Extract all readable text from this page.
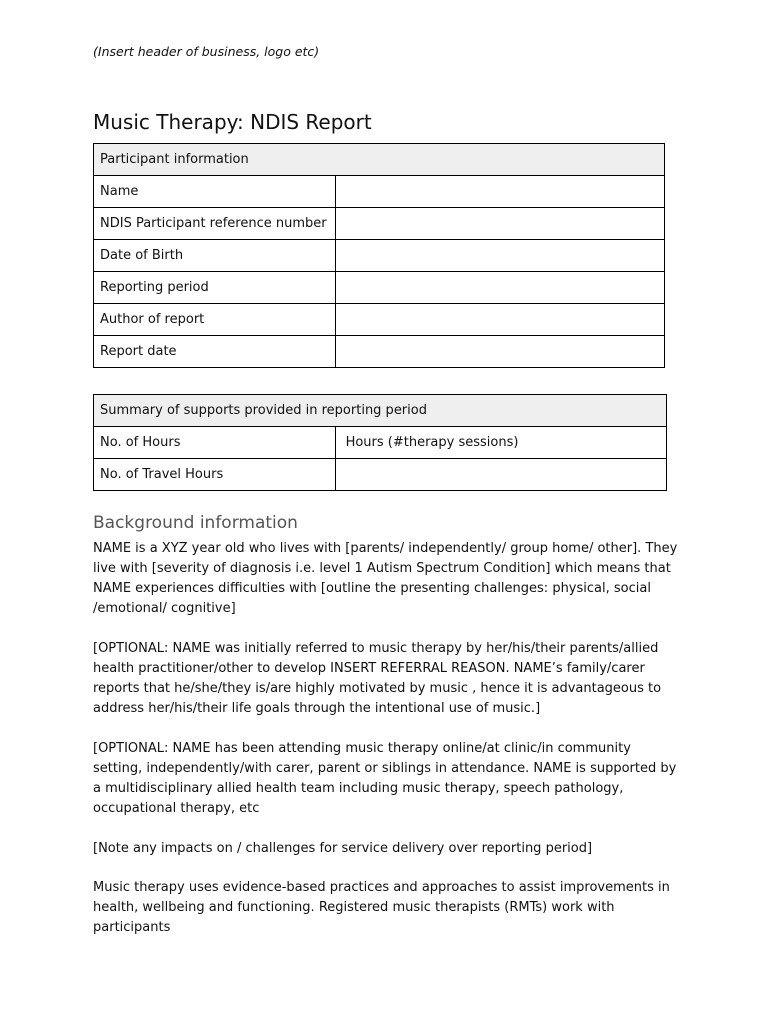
(Insert header of business, logo etc)
Music Therapy: NDIS Report
Participant information	
Name	
NDIS Participant reference number	
Date of Birth	
Reporting period	
Author of report	
Report date	
Summary of supports provided in reporting period	
No. of Hours	Hours (#therapy sessions)
No. of Travel Hours	
Background information

NAME is a XYZ year old who lives with [parents/ independently/ group home/ other]. They live with [severity of diagnosis i.e. level 1 Autism Spectrum Condition] which means that NAME experiences difficulties with [outline the presenting challenges: physical, social /emotional/ cognitive]

[OPTIONAL: NAME was initially referred to music therapy by her/his/their parents/allied health practitioner/other to develop INSERT REFERRAL REASON. NAME’s family/carer reports that he/she/they is/are highly motivated by music , hence it is advantageous to address her/his/their life goals through the intentional use of music.]

[OPTIONAL: NAME has been attending music therapy online/at clinic/in community setting, independently/with carer, parent or siblings in attendance. NAME is supported by a multidisciplinary allied health team including music therapy, speech pathology, occupational therapy, etc

[Note any impacts on / challenges for service delivery over reporting period]

Music therapy uses evidence-based practices and approaches to assist improvements in health, wellbeing and functioning. Registered music therapists (RMTs) work with participants
